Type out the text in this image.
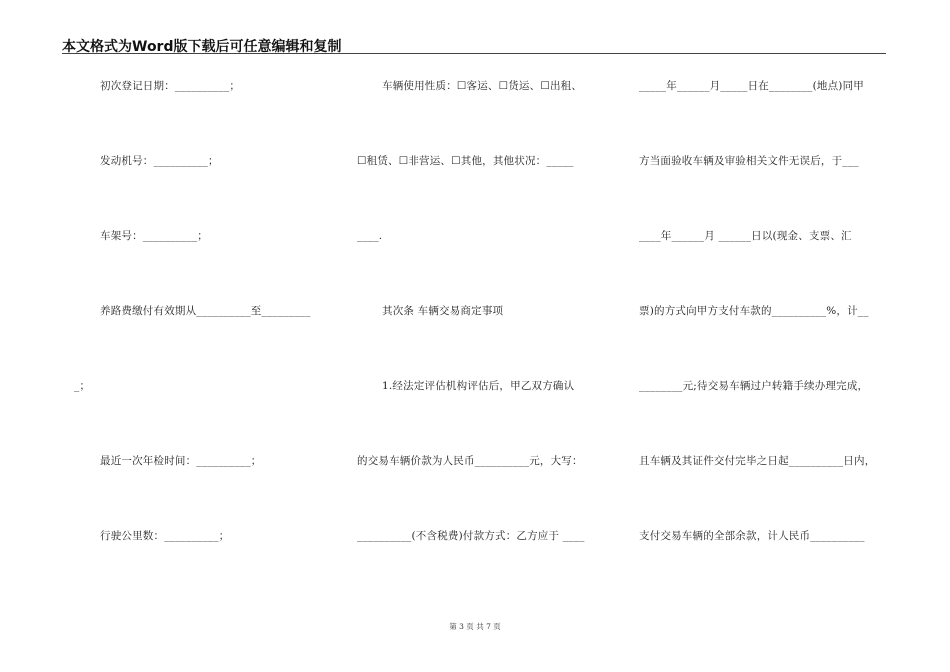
本文格式为Word版下载后可任意编辑和复制
初次登记日期：__________；
发动机号：__________；
车架号：__________；
养路费缴付有效期从__________至_________
_；
最近一次年检时间：__________；
行驶公里数：__________；
车辆使用性质：☐客运、☐货运、☐出租、
☐租赁、☐非营运、☐其他，其他状况：_____
____.
其次条 车辆交易商定事项
1.经法定评估机构评估后，甲乙双方确认
的交易车辆价款为人民币__________元，大写：
__________(不含税费)付款方式：乙方应于 ____
_____年______月_____日在________(地点)同甲
方当面验收车辆及审验相关文件无误后，于___
____年______月 ______日以(现金、支票、汇
票)的方式向甲方支付车款的__________%，计__
________元;待交易车辆过户转籍手续办理完成，
且车辆及其证件交付完毕之日起__________日内，
支付交易车辆的全部余款，计人民币__________
第 3 页 共 7 页
